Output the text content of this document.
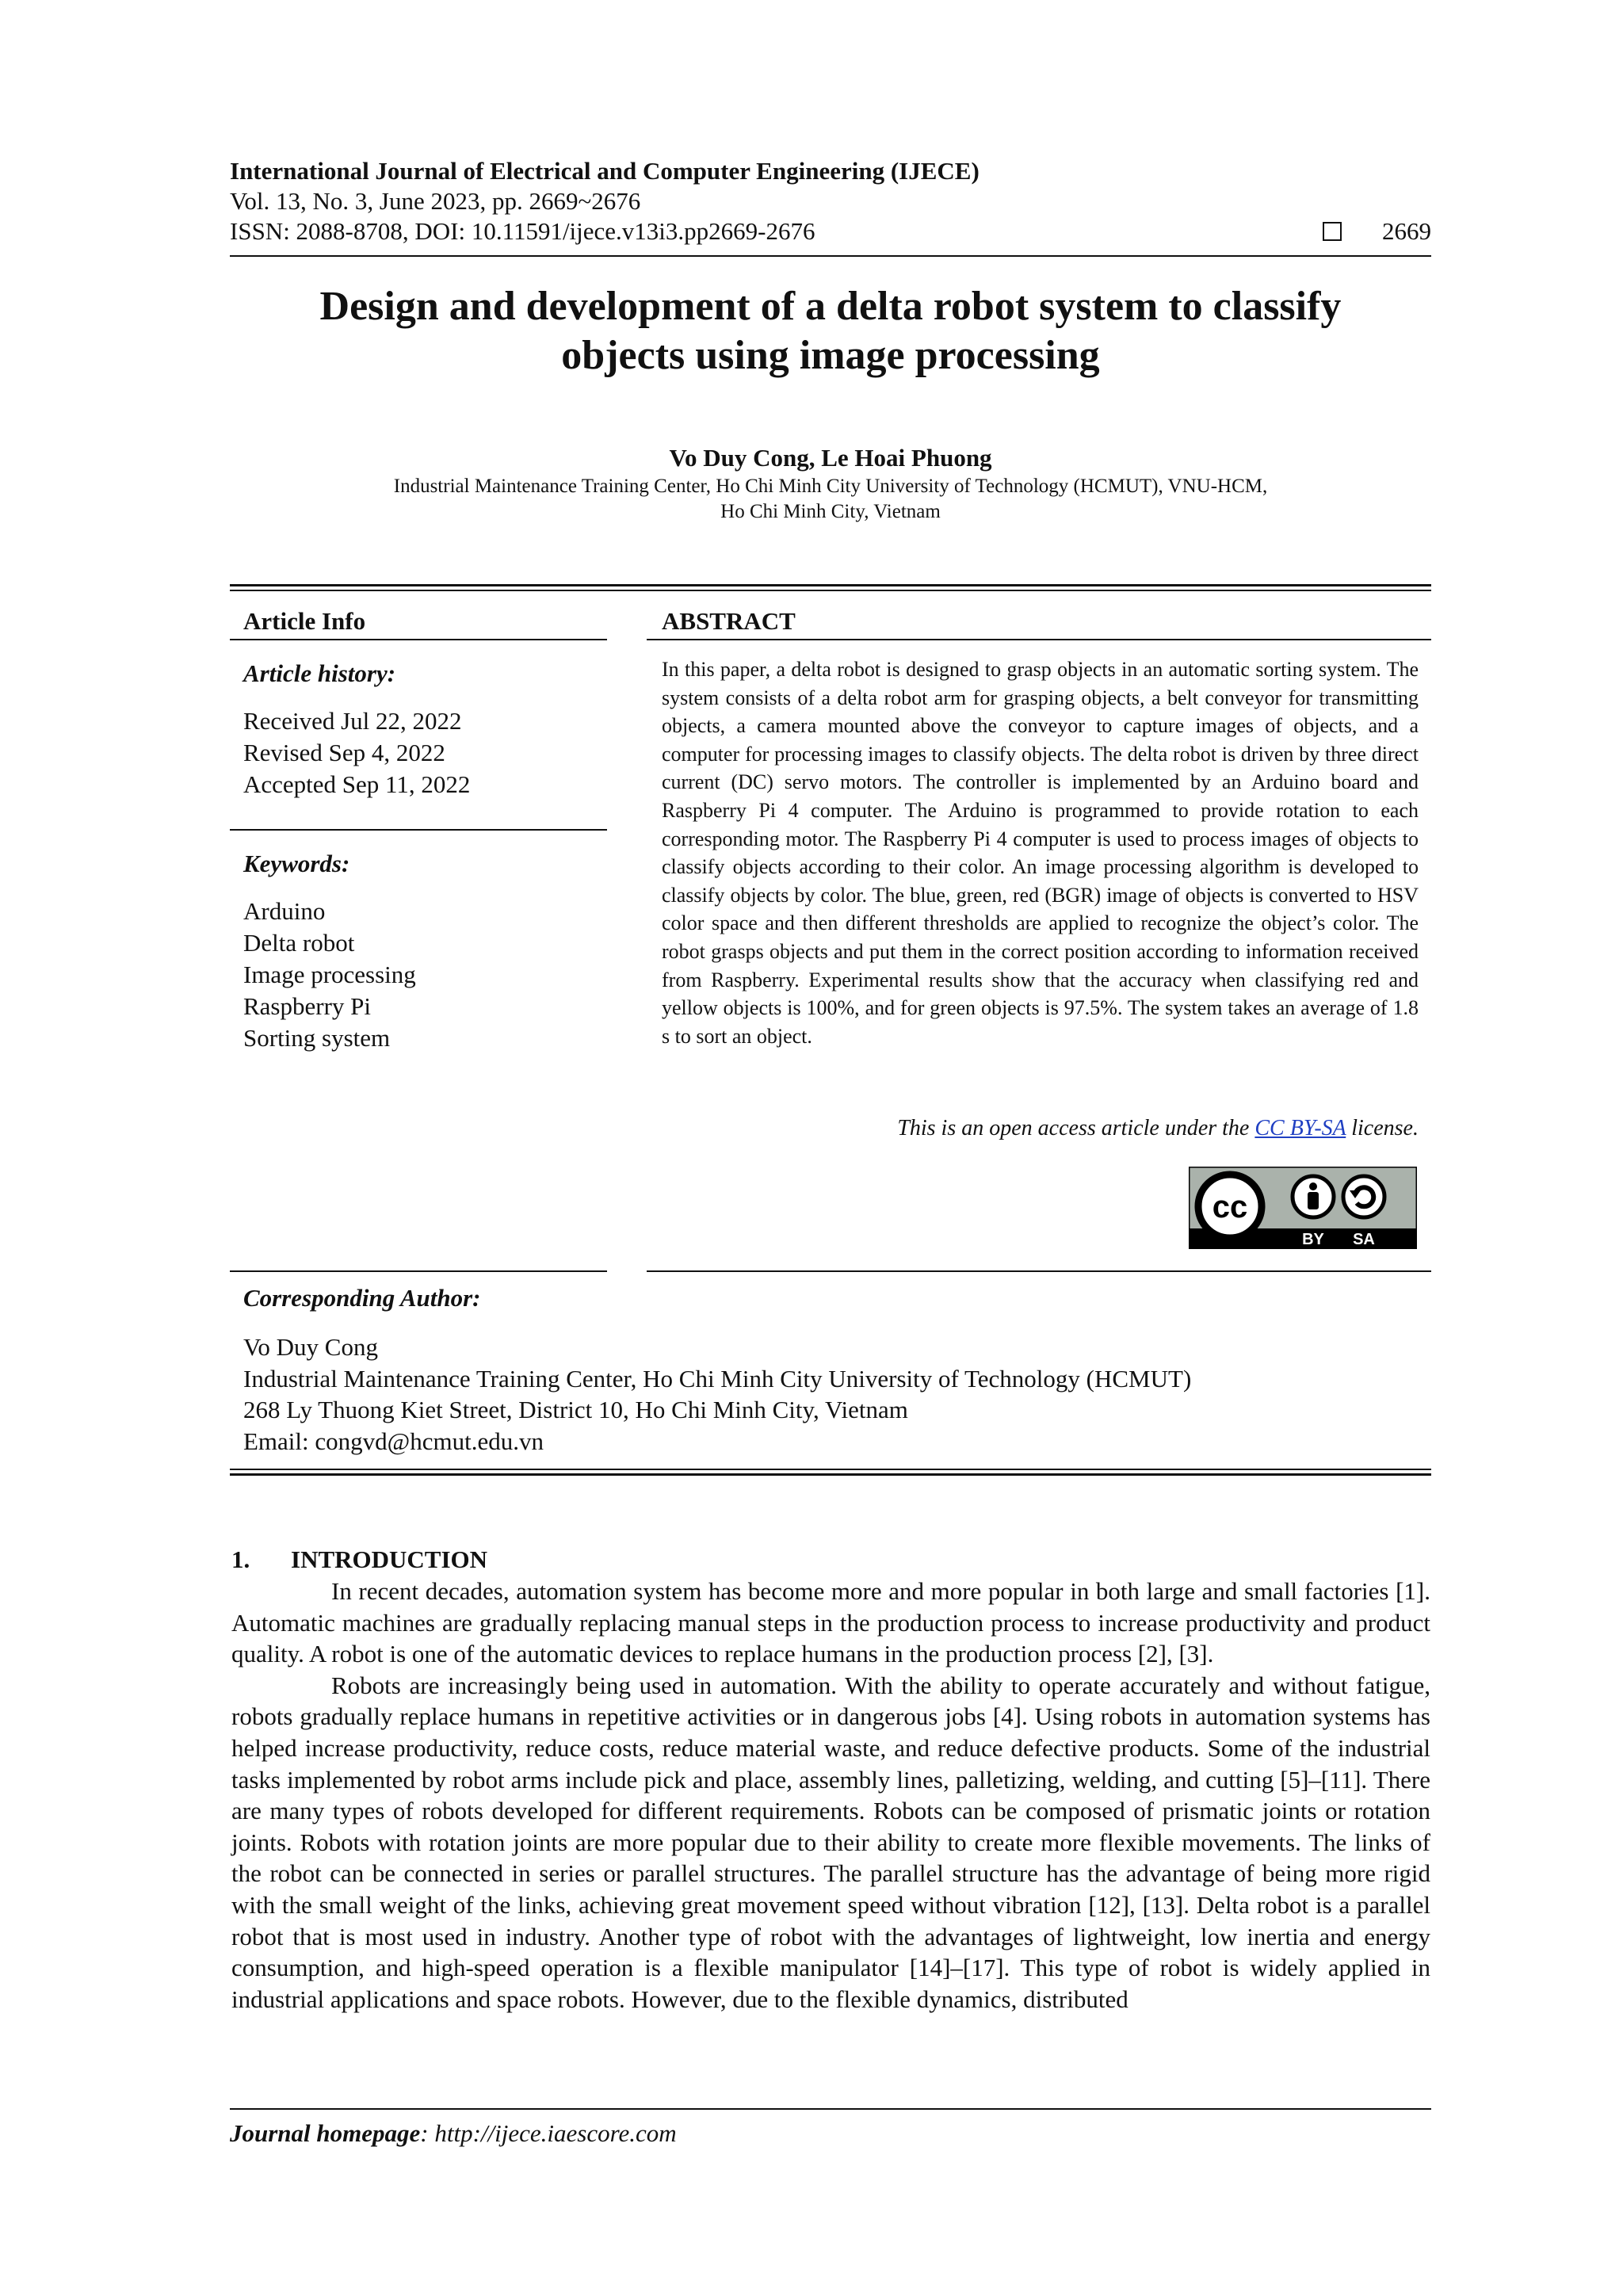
International Journal of Electrical and Computer Engineering (IJECE)
Vol. 13, No. 3, June 2023, pp. 2669~2676
ISSN: 2088-8708, DOI: 10.11591/ijece.v13i3.pp2669-2676	2669
Design and development of a delta robot system to classify
objects using image processing
Vo Duy Cong, Le Hoai Phuong
Industrial Maintenance Training Center, Ho Chi Minh City University of Technology (HCMUT), VNU-HCM,
Ho Chi Minh City, Vietnam
Article Info
Article history:
Received Jul 22, 2022
Revised Sep 4, 2022
Accepted Sep 11, 2022
Keywords:
Arduino
Delta robot
Image processing
Raspberry Pi
Sorting system
ABSTRACT
In this paper, a delta robot is designed to grasp objects in an automatic sorting system. The system consists of a delta robot arm for grasping objects, a belt conveyor for transmitting objects, a camera mounted above the conveyor to capture images of objects, and a computer for processing images to classify objects. The delta robot is driven by three direct current (DC) servo motors. The controller is implemented by an Arduino board and Raspberry Pi 4 computer. The Arduino is programmed to provide rotation to each corresponding motor. The Raspberry Pi 4 computer is used to process images of objects to classify objects according to their color. An image processing algorithm is developed to classify objects by color. The blue, green, red (BGR) image of objects is converted to HSV color space and then different thresholds are applied to recognize the object’s color. The robot grasps objects and put them in the correct position according to information received from Raspberry. Experimental results show that the accuracy when classifying red and yellow objects is 100%, and for green objects is 97.5%. The system takes an average of 1.8 s to sort an object.
This is an open access article under the CC BY-SA license.
cc
BY SA
Corresponding Author:
Vo Duy Cong
Industrial Maintenance Training Center, Ho Chi Minh City University of Technology (HCMUT)
268 Ly Thuong Kiet Street, District 10, Ho Chi Minh City, Vietnam
Email: congvd@hcmut.edu.vn
1. INTRODUCTION

In recent decades, automation system has become more and more popular in both large and small factories [1]. Automatic machines are gradually replacing manual steps in the production process to increase productivity and product quality. A robot is one of the automatic devices to replace humans in the production process [2], [3].

Robots are increasingly being used in automation. With the ability to operate accurately and without fatigue, robots gradually replace humans in repetitive activities or in dangerous jobs [4]. Using robots in automation systems has helped increase productivity, reduce costs, reduce material waste, and reduce defective products. Some of the industrial tasks implemented by robot arms include pick and place, assembly lines, palletizing, welding, and cutting [5]–[11]. There are many types of robots developed for different requirements. Robots can be composed of prismatic joints or rotation joints. Robots with rotation joints are more popular due to their ability to create more flexible movements. The links of the robot can be connected in series or parallel structures. The parallel structure has the advantage of being more rigid with the small weight of the links, achieving great movement speed without vibration [12], [13]. Delta robot is a parallel robot that is most used in industry. Another type of robot with the advantages of lightweight, low inertia and energy consumption, and high-speed operation is a flexible manipulator [14]–[17]. This type of robot is widely applied in industrial applications and space robots. However, due to the flexible dynamics, distributed

Journal homepage: http://ijece.iaescore.com
